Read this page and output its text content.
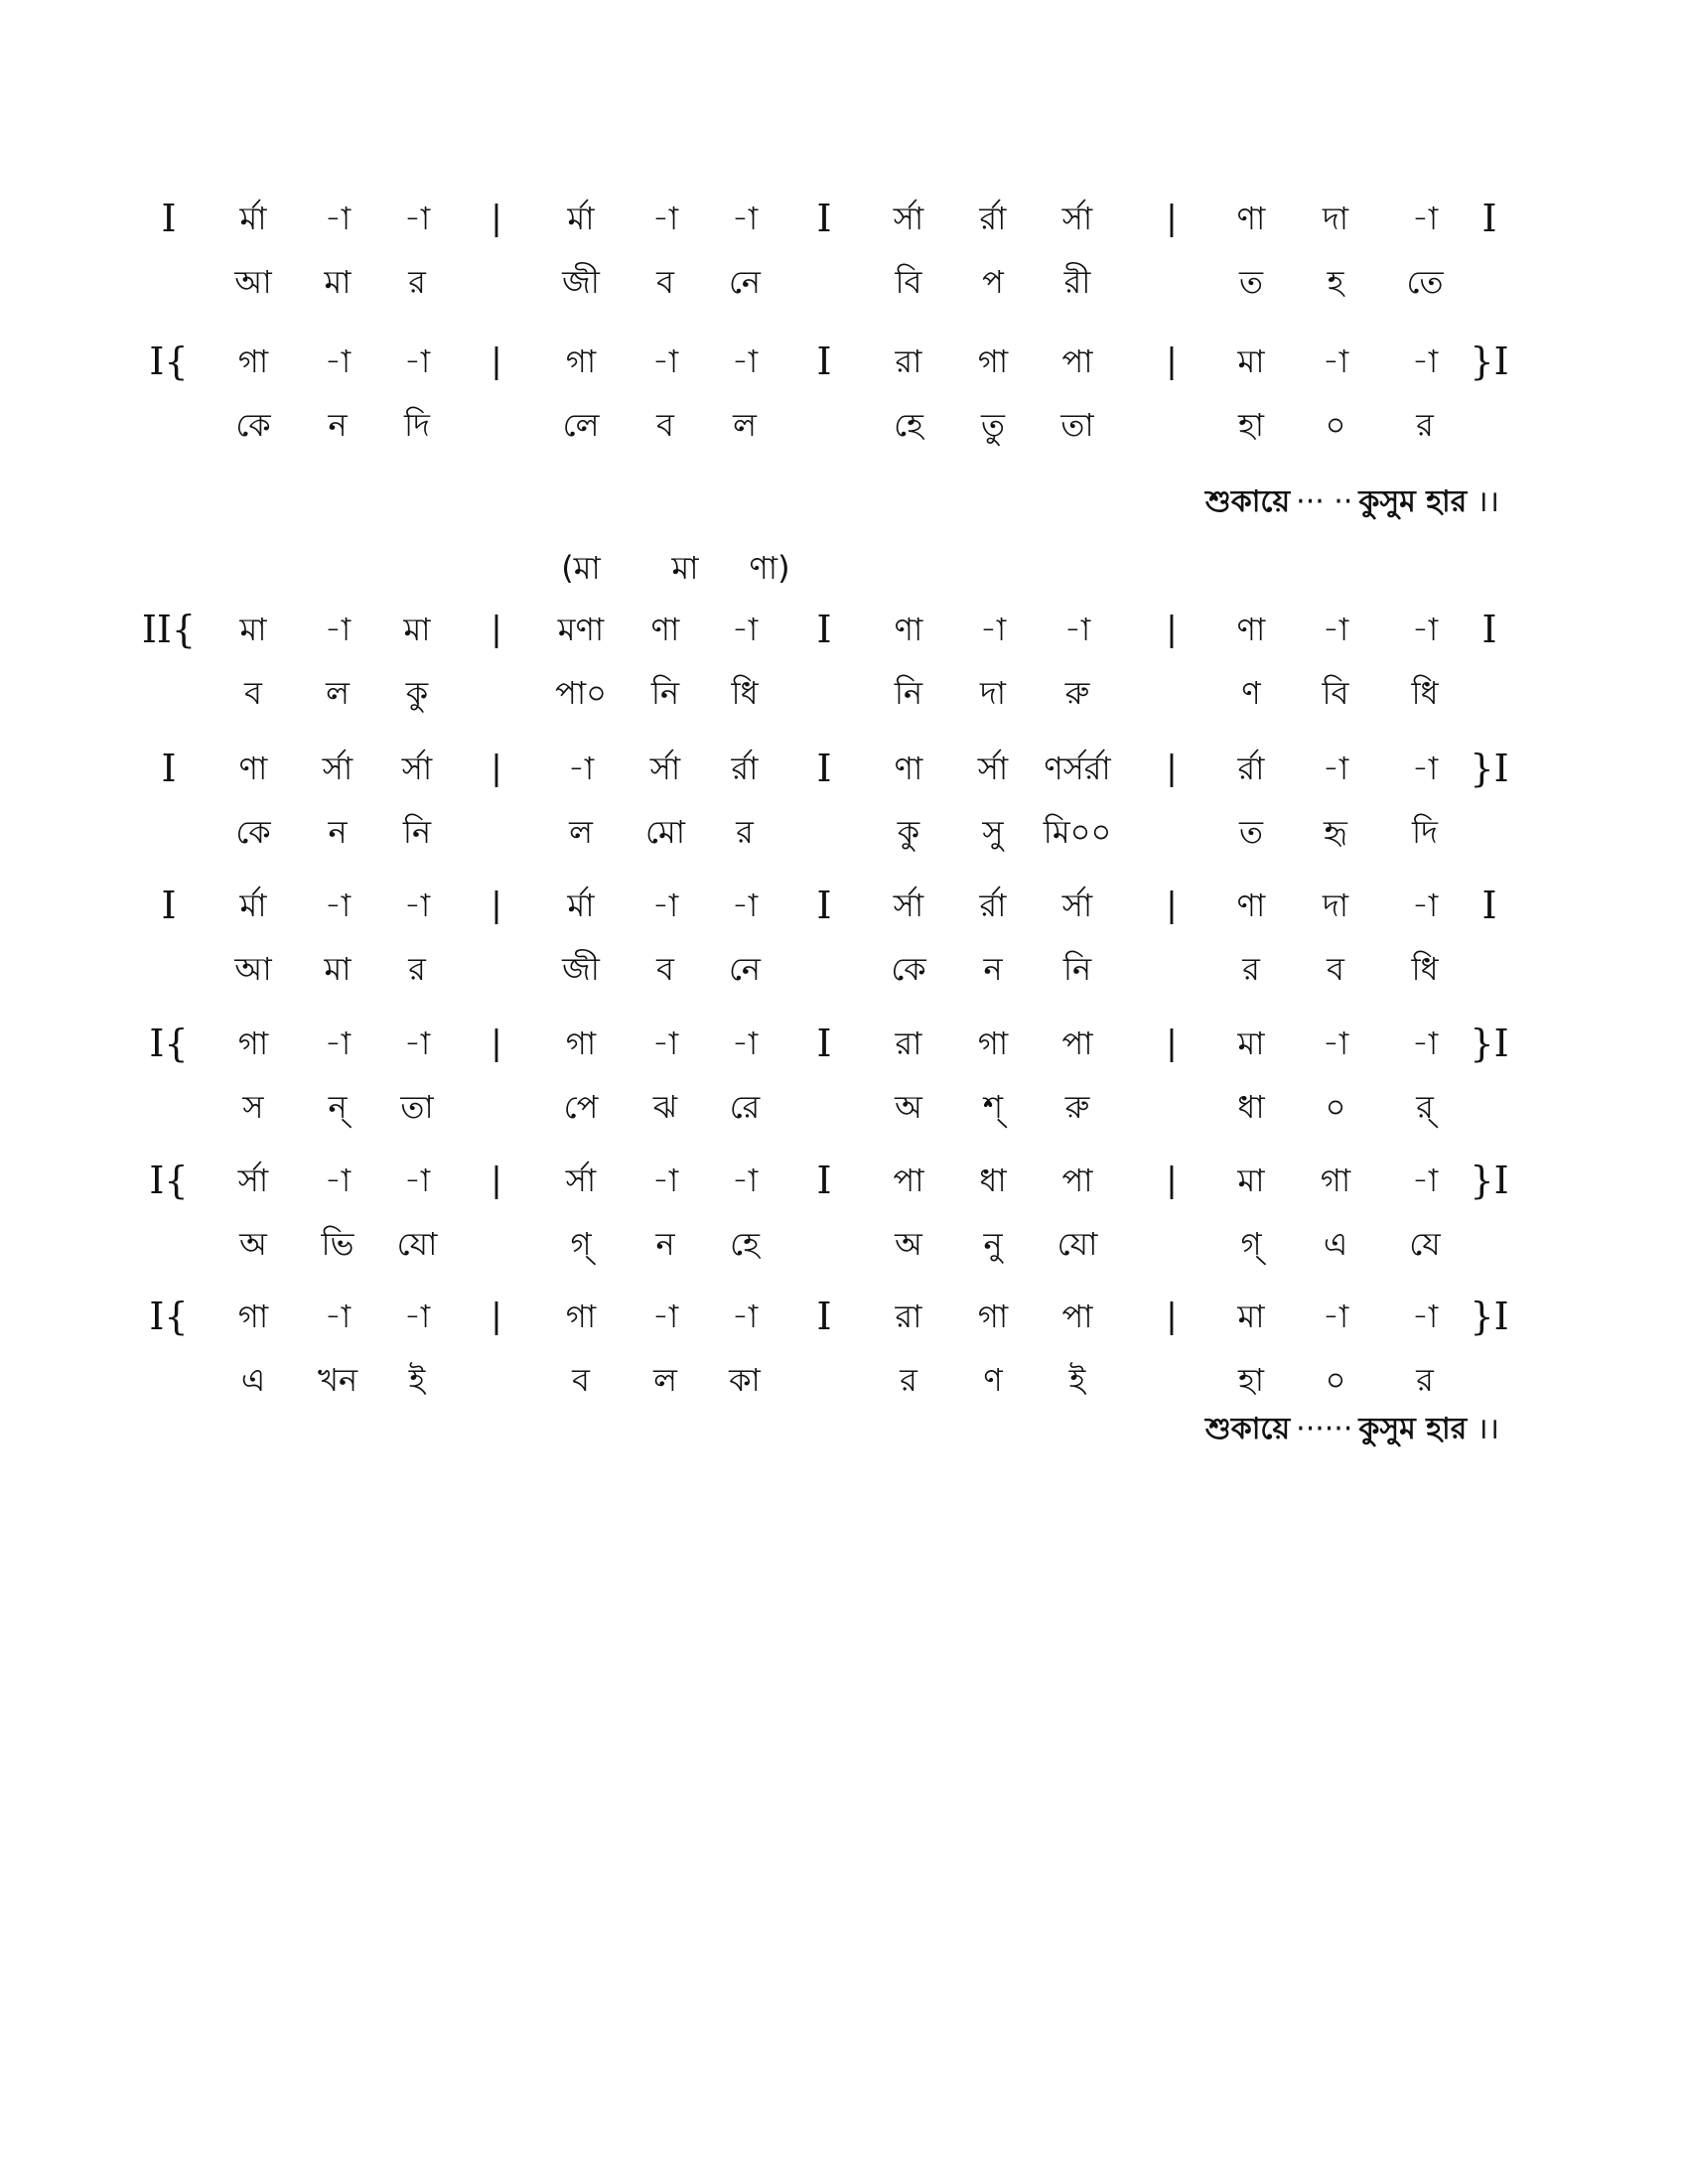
I র্মা -া -া | র্মা -া -া I র্সা র্রা র্সা | ণা দা -া I
আ মা র	জী ব নে	বি প রী	ত হ তে
I{ গা -া -া | গা -া -া I রা গা পা | মা -া -া }I
কে ন দি	লে ব ল	হে তু তা	হা ০ র
II{ মা -া মা | মণা ণা -া I ণা -া -া | ণা -া -া I
ব ল কু	পা০ নি ধি	নি দা রু	ণ বি ধি
I ণা র্সা র্সা | -া র্সা র্রা I ণা র্সা ণর্সর্রা | র্রা -া -া }I
কে ন নি	ল মো র	কু সু মি০০	ত হৃ দি
I র্মা -া -া | র্মা -া -া I র্সা র্রা র্সা | ণা দা -া I
আ মা র	জী ব নে	কে ন নি	র ব ধি
I{ গা -া -া | গা -া -া I রা গা পা | মা -া -া }I
স ন্ তা	পে ঝ রে	অ শ্ রু	ধা ০ র্
I{ র্সা -া -া | র্সা -া -া I পা ধা পা | মা গা -া }I
অ ভি যো	গ্ ন হে	অ নু যো	গ্ এ যে
I{ গা -া -া | গা -া -া I রা গা পা | মা -া -া }I
এ খন ই	ব ল কা	র ণ ই	হা ০ র
(মা মা ণা)
শুকায়ে ··· ·· কুসুম হার ।।
শুকায়ে ······ কুসুম হার ।।
